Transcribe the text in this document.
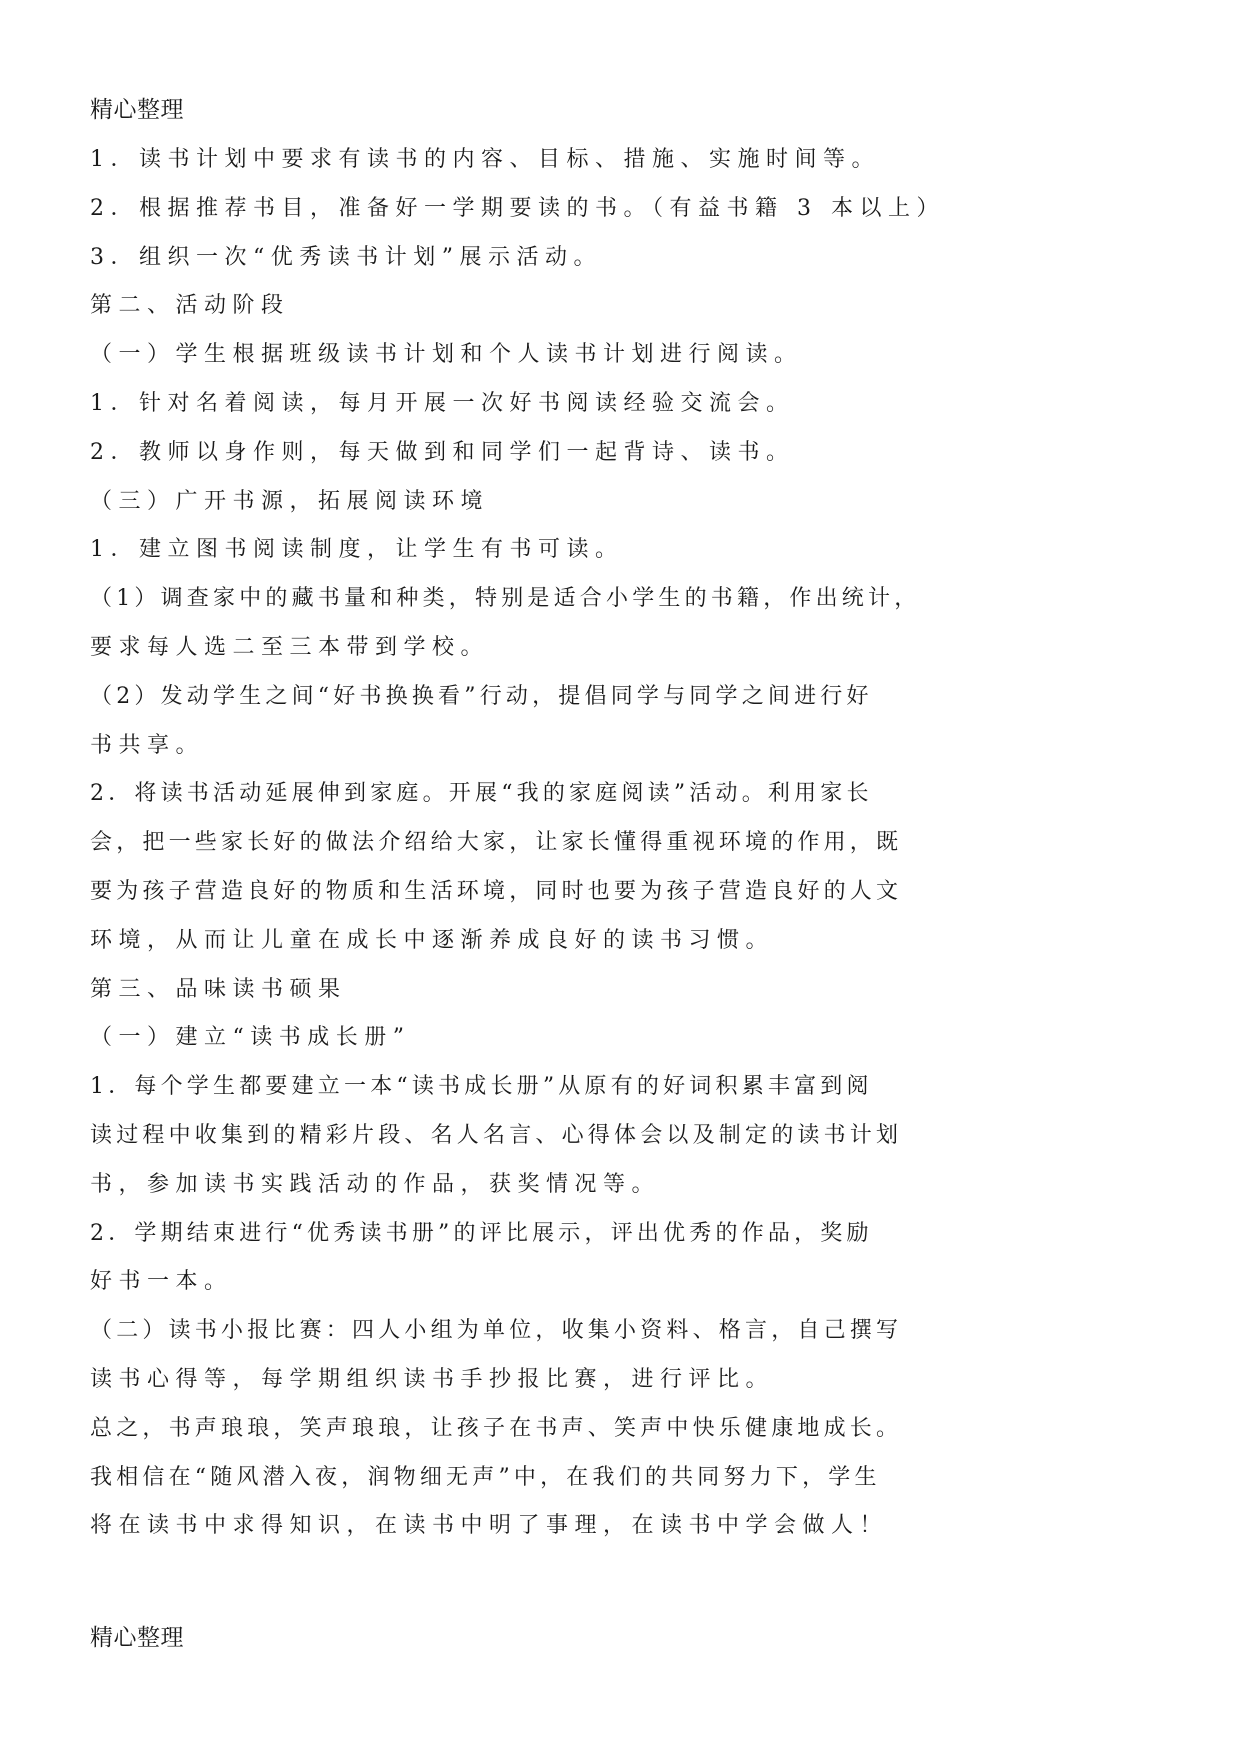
精心整理
1．读书计划中要求有读书的内容、目标、措施、实施时间等。
2．根据推荐书目，准备好一学期要读的书。（有益书籍 3 本以上）
3．组织一次“优秀读书计划”展示活动。
第二、活动阶段
（一）学生根据班级读书计划和个人读书计划进行阅读。
1．针对名着阅读，每月开展一次好书阅读经验交流会。
2．教师以身作则，每天做到和同学们一起背诗、读书。
（三）广开书源，拓展阅读环境
1．建立图书阅读制度，让学生有书可读。
（1）调查家中的藏书量和种类，特别是适合小学生的书籍，作出统计，
要求每人选二至三本带到学校。
（2）发动学生之间“好书换换看”行动，提倡同学与同学之间进行好
书共享。
2．将读书活动延展伸到家庭。开展“我的家庭阅读”活动。利用家长
会，把一些家长好的做法介绍给大家，让家长懂得重视环境的作用，既
要为孩子营造良好的物质和生活环境，同时也要为孩子营造良好的人文
环境，从而让儿童在成长中逐渐养成良好的读书习惯。
第三、品味读书硕果
（一）建立“读书成长册”
1．每个学生都要建立一本“读书成长册”从原有的好词积累丰富到阅
读过程中收集到的精彩片段、名人名言、心得体会以及制定的读书计划
书，参加读书实践活动的作品，获奖情况等。
2．学期结束进行“优秀读书册”的评比展示，评出优秀的作品，奖励
好书一本。
（二）读书小报比赛：四人小组为单位，收集小资料、格言，自己撰写
读书心得等，每学期组织读书手抄报比赛，进行评比。
总之，书声琅琅，笑声琅琅，让孩子在书声、笑声中快乐健康地成长。
我相信在“随风潜入夜，润物细无声”中，在我们的共同努力下，学生
将在读书中求得知识，在读书中明了事理，在读书中学会做人！
精心整理
